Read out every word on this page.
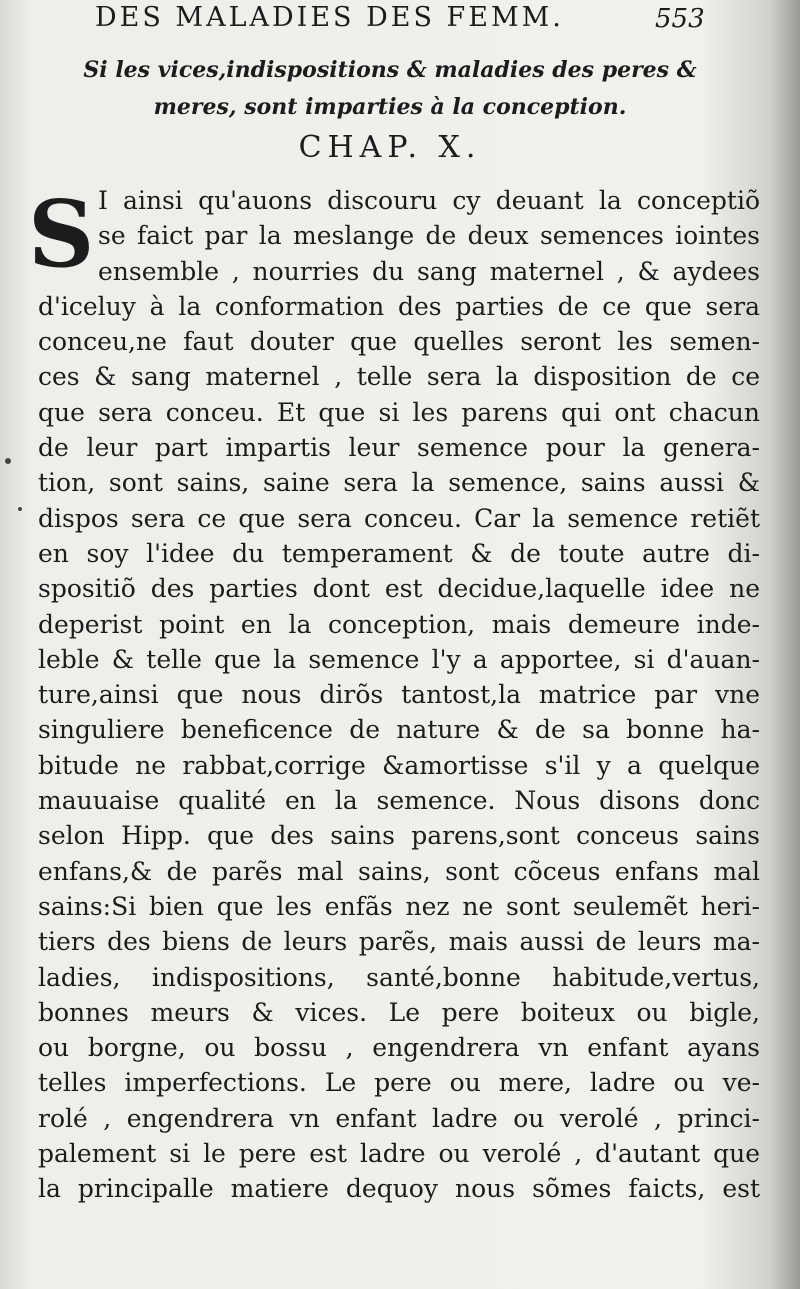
DES MALADIES DES FEMM.	553
Si les vices,indispositions & maladies des peres &
meres, sont imparties à la conception.
CHAP. X.
S I ainsi qu'auons discouru cy deuant la conceptiõ
se faict par la meslange de deux semences iointes
ensemble , nourries du sang maternel , & aydees
d'iceluy à la conformation des parties de ce que sera
conceu,ne faut douter que quelles seront les semen-
ces & sang maternel , telle sera la disposition de ce
que sera conceu. Et que si les parens qui ont chacun
de leur part impartis leur semence pour la genera-
tion, sont sains, saine sera la semence, sains aussi &
dispos sera ce que sera conceu. Car la semence retiẽt
en soy l'idee du temperament & de toute autre di-
spositiõ des parties dont est decidue,laquelle idee ne
deperist point en la conception, mais demeure inde-
leble & telle que la semence l'y a apportee, si d'auan-
ture,ainsi que nous dirõs tantost,la matrice par vne
singuliere beneficence de nature & de sa bonne ha-
bitude ne rabbat,corrige &amortisse s'il y a quelque
mauuaise qualité en la semence. Nous disons donc
selon Hipp. que des sains parens,sont conceus sains
enfans,& de parẽs mal sains, sont cõceus enfans mal
sains:Si bien que les enfãs nez ne sont seulemẽt heri-
tiers des biens de leurs parẽs, mais aussi de leurs ma-
ladies, indispositions, santé,bonne habitude,vertus,
bonnes meurs & vices. Le pere boiteux ou bigle,
ou borgne, ou bossu , engendrera vn enfant ayans
telles imperfections. Le pere ou mere, ladre ou ve-
rolé , engendrera vn enfant ladre ou verolé , princi-
palement si le pere est ladre ou verolé , d'autant que
la principalle matiere dequoy nous sõmes faicts, est
